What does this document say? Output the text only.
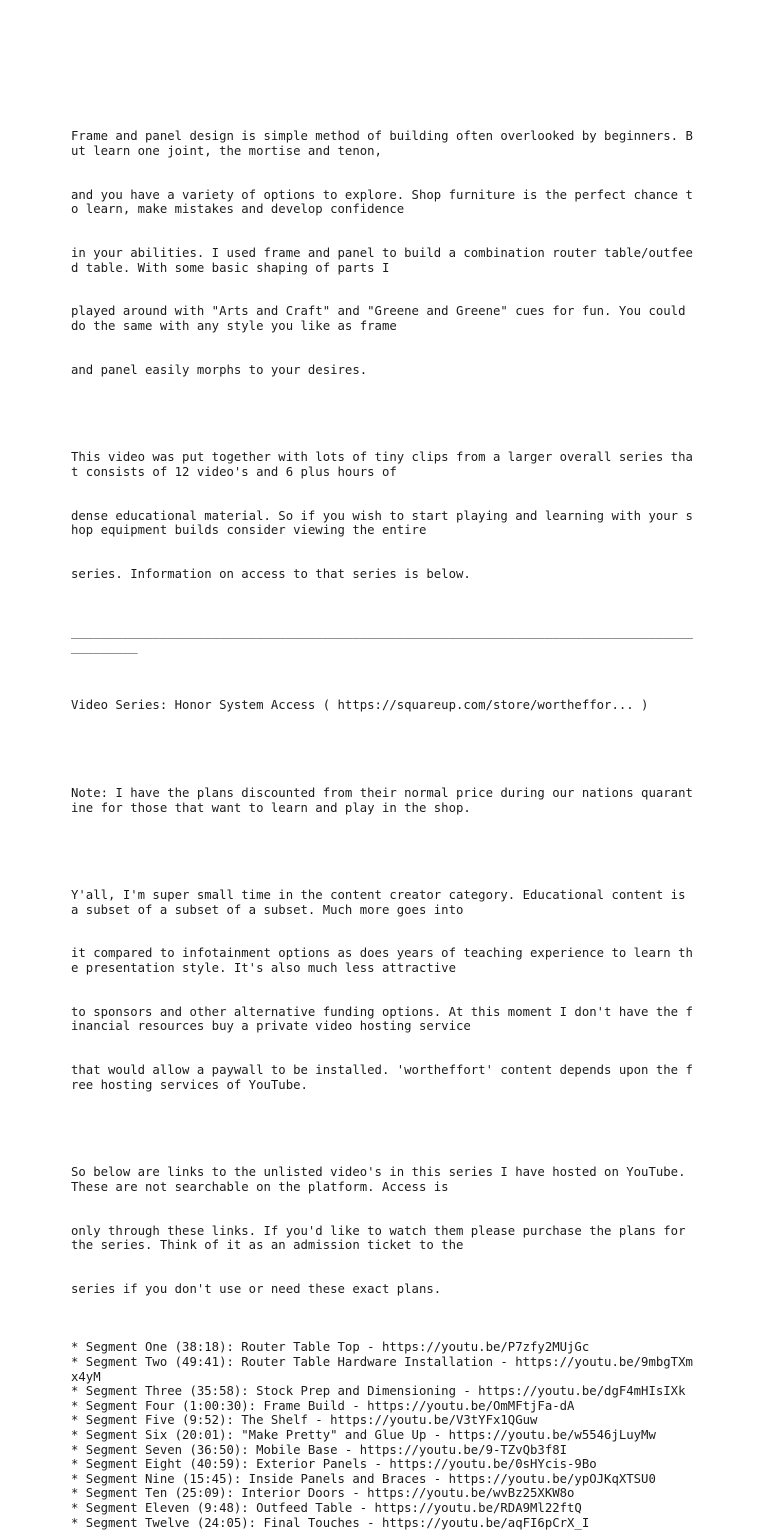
Frame and panel design is simple method of building often overlooked by beginners. But learn one joint, the mortise and tenon,

and you have a variety of options to explore. Shop furniture is the perfect chance to learn, make mistakes and develop confidence

in your abilities. I used frame and panel to build a combination router table/outfeed table. With some basic shaping of parts I

played around with "Arts and Craft" and "Greene and Greene" cues for fun. You could do the same with any style you like as frame

and panel easily morphs to your desires.

This video was put together with lots of tiny clips from a larger overall series that consists of 12 video's and 6 plus hours of

dense educational material. So if you wish to start playing and learning with your shop equipment builds consider viewing the entire

series. Information on access to that series is below.

_____________________________________________________________________________________________

Video Series: Honor System Access ( https://squareup.com/store/wortheffor... )

Note: I have the plans discounted from their normal price during our nations quarantine for those that want to learn and play in the shop.

Y'all, I'm super small time in the content creator category. Educational content is a subset of a subset of a subset. Much more goes into

it compared to infotainment options as does years of teaching experience to learn the presentation style. It's also much less attractive

to sponsors and other alternative funding options. At this moment I don't have the financial resources buy a private video hosting service

that would allow a paywall to be installed. 'wortheffort' content depends upon the free hosting services of YouTube.

So below are links to the unlisted video's in this series I have hosted on YouTube. These are not searchable on the platform. Access is

only through these links. If you'd like to watch them please purchase the plans for the series. Think of it as an admission ticket to the

series if you don't use or need these exact plans.

* Segment One (38:18): Router Table Top - https://youtu.be/P7zfy2MUjGc
* Segment Two (49:41): Router Table Hardware Installation - https://youtu.be/9mbgTXmx4yM
* Segment Three (35:58): Stock Prep and Dimensioning - https://youtu.be/dgF4mHIsIXk
* Segment Four (1:00:30): Frame Build - https://youtu.be/OmMFtjFa-dA
* Segment Five (9:52): The Shelf - https://youtu.be/V3tYFx1QGuw
* Segment Six (20:01): "Make Pretty" and Glue Up - https://youtu.be/w5546jLuyMw
* Segment Seven (36:50): Mobile Base - https://youtu.be/9-TZvQb3f8I
* Segment Eight (40:59): Exterior Panels - https://youtu.be/0sHYcis-9Bo
* Segment Nine (15:45): Inside Panels and Braces - https://youtu.be/ypOJKqXTSU0
* Segment Ten (25:09): Interior Doors - https://youtu.be/wvBz25XKW8o
* Segment Eleven (9:48): Outfeed Table - https://youtu.be/RDA9Ml22ftQ
* Segment Twelve (24:05): Final Touches - https://youtu.be/aqFI6pCrX_I
